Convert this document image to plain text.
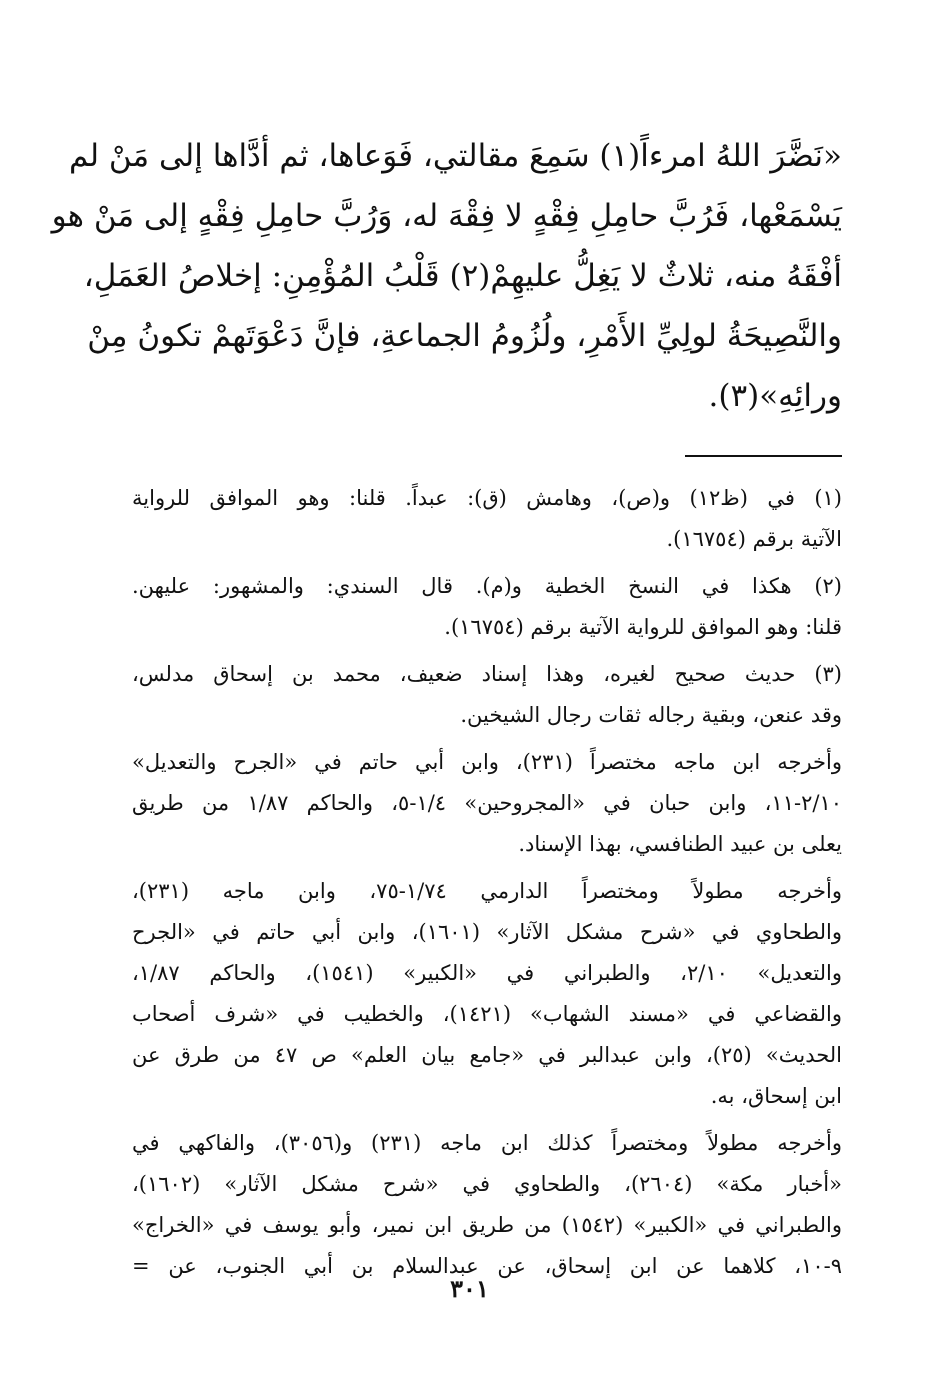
«نَضَّرَ اللهُ امرءاً(١) سَمِعَ مقالتي، فَوَعاها، ثم أدَّاها إلى مَنْ لم
يَسْمَعْها، فَرُبَّ حامِلِ فِقْهٍ لا فِقْهَ له، وَرُبَّ حامِلِ فِقْهٍ إلى مَنْ هو
أفْقَهُ منه، ثلاثٌ لا يَغِلُّ عليهِمْ(٢) قَلْبُ المُؤْمِنِ: إخلاصُ العَمَلِ،
والنَّصِيحَةُ لولِيِّ الأَمْرِ، ولُزُومُ الجماعةِ، فإنَّ دَعْوَتَهمْ تكونُ مِنْ
ورائِهِ»(٣).
(١) في (ظ١٢) و(ص)، وهامش (ق): عبداً. قلنا: وهو الموافق للرواية
الآتية برقم (١٦٧٥٤).
(٢) هكذا في النسخ الخطية و(م). قال السندي: والمشهور: عليهن.
قلنا: وهو الموافق للرواية الآتية برقم (١٦٧٥٤).
(٣) حديث صحيح لغيره، وهذا إسناد ضعيف، محمد بن إسحاق مدلس،
وقد عنعن، وبقية رجاله ثقات رجال الشيخين.
وأخرجه ابن ماجه مختصراً (٢٣١)، وابن أبي حاتم في «الجرح والتعديل»
٢/١٠-١١، وابن حبان في «المجروحين» ١/٤-٥، والحاكم ١/٨٧ من طريق
يعلى بن عبيد الطنافسي، بهذا الإسناد.
وأخرجه مطولاً ومختصراً الدارمي ١/٧٤-٧٥، وابن ماجه (٢٣١)،
والطحاوي في «شرح مشكل الآثار» (١٦٠١)، وابن أبي حاتم في «الجرح
والتعديل» ٢/١٠، والطبراني في «الكبير» (١٥٤١)، والحاكم ١/٨٧،
والقضاعي في «مسند الشهاب» (١٤٢١)، والخطيب في «شرف أصحاب
الحديث» (٢٥)، وابن عبدالبر في «جامع بيان العلم» ص ٤٧ من طرق عن
ابن إسحاق، به.
وأخرجه مطولاً ومختصراً كذلك ابن ماجه (٢٣١) و(٣٠٥٦)، والفاكهي في
«أخبار مكة» (٢٦٠٤)، والطحاوي في «شرح مشكل الآثار» (١٦٠٢)،
والطبراني في «الكبير» (١٥٤٢) من طريق ابن نمير، وأبو يوسف في «الخراج»
٩-١٠، كلاهما عن ابن إسحاق، عن عبدالسلام بن أبي الجنوب، عن =
٣٠١
